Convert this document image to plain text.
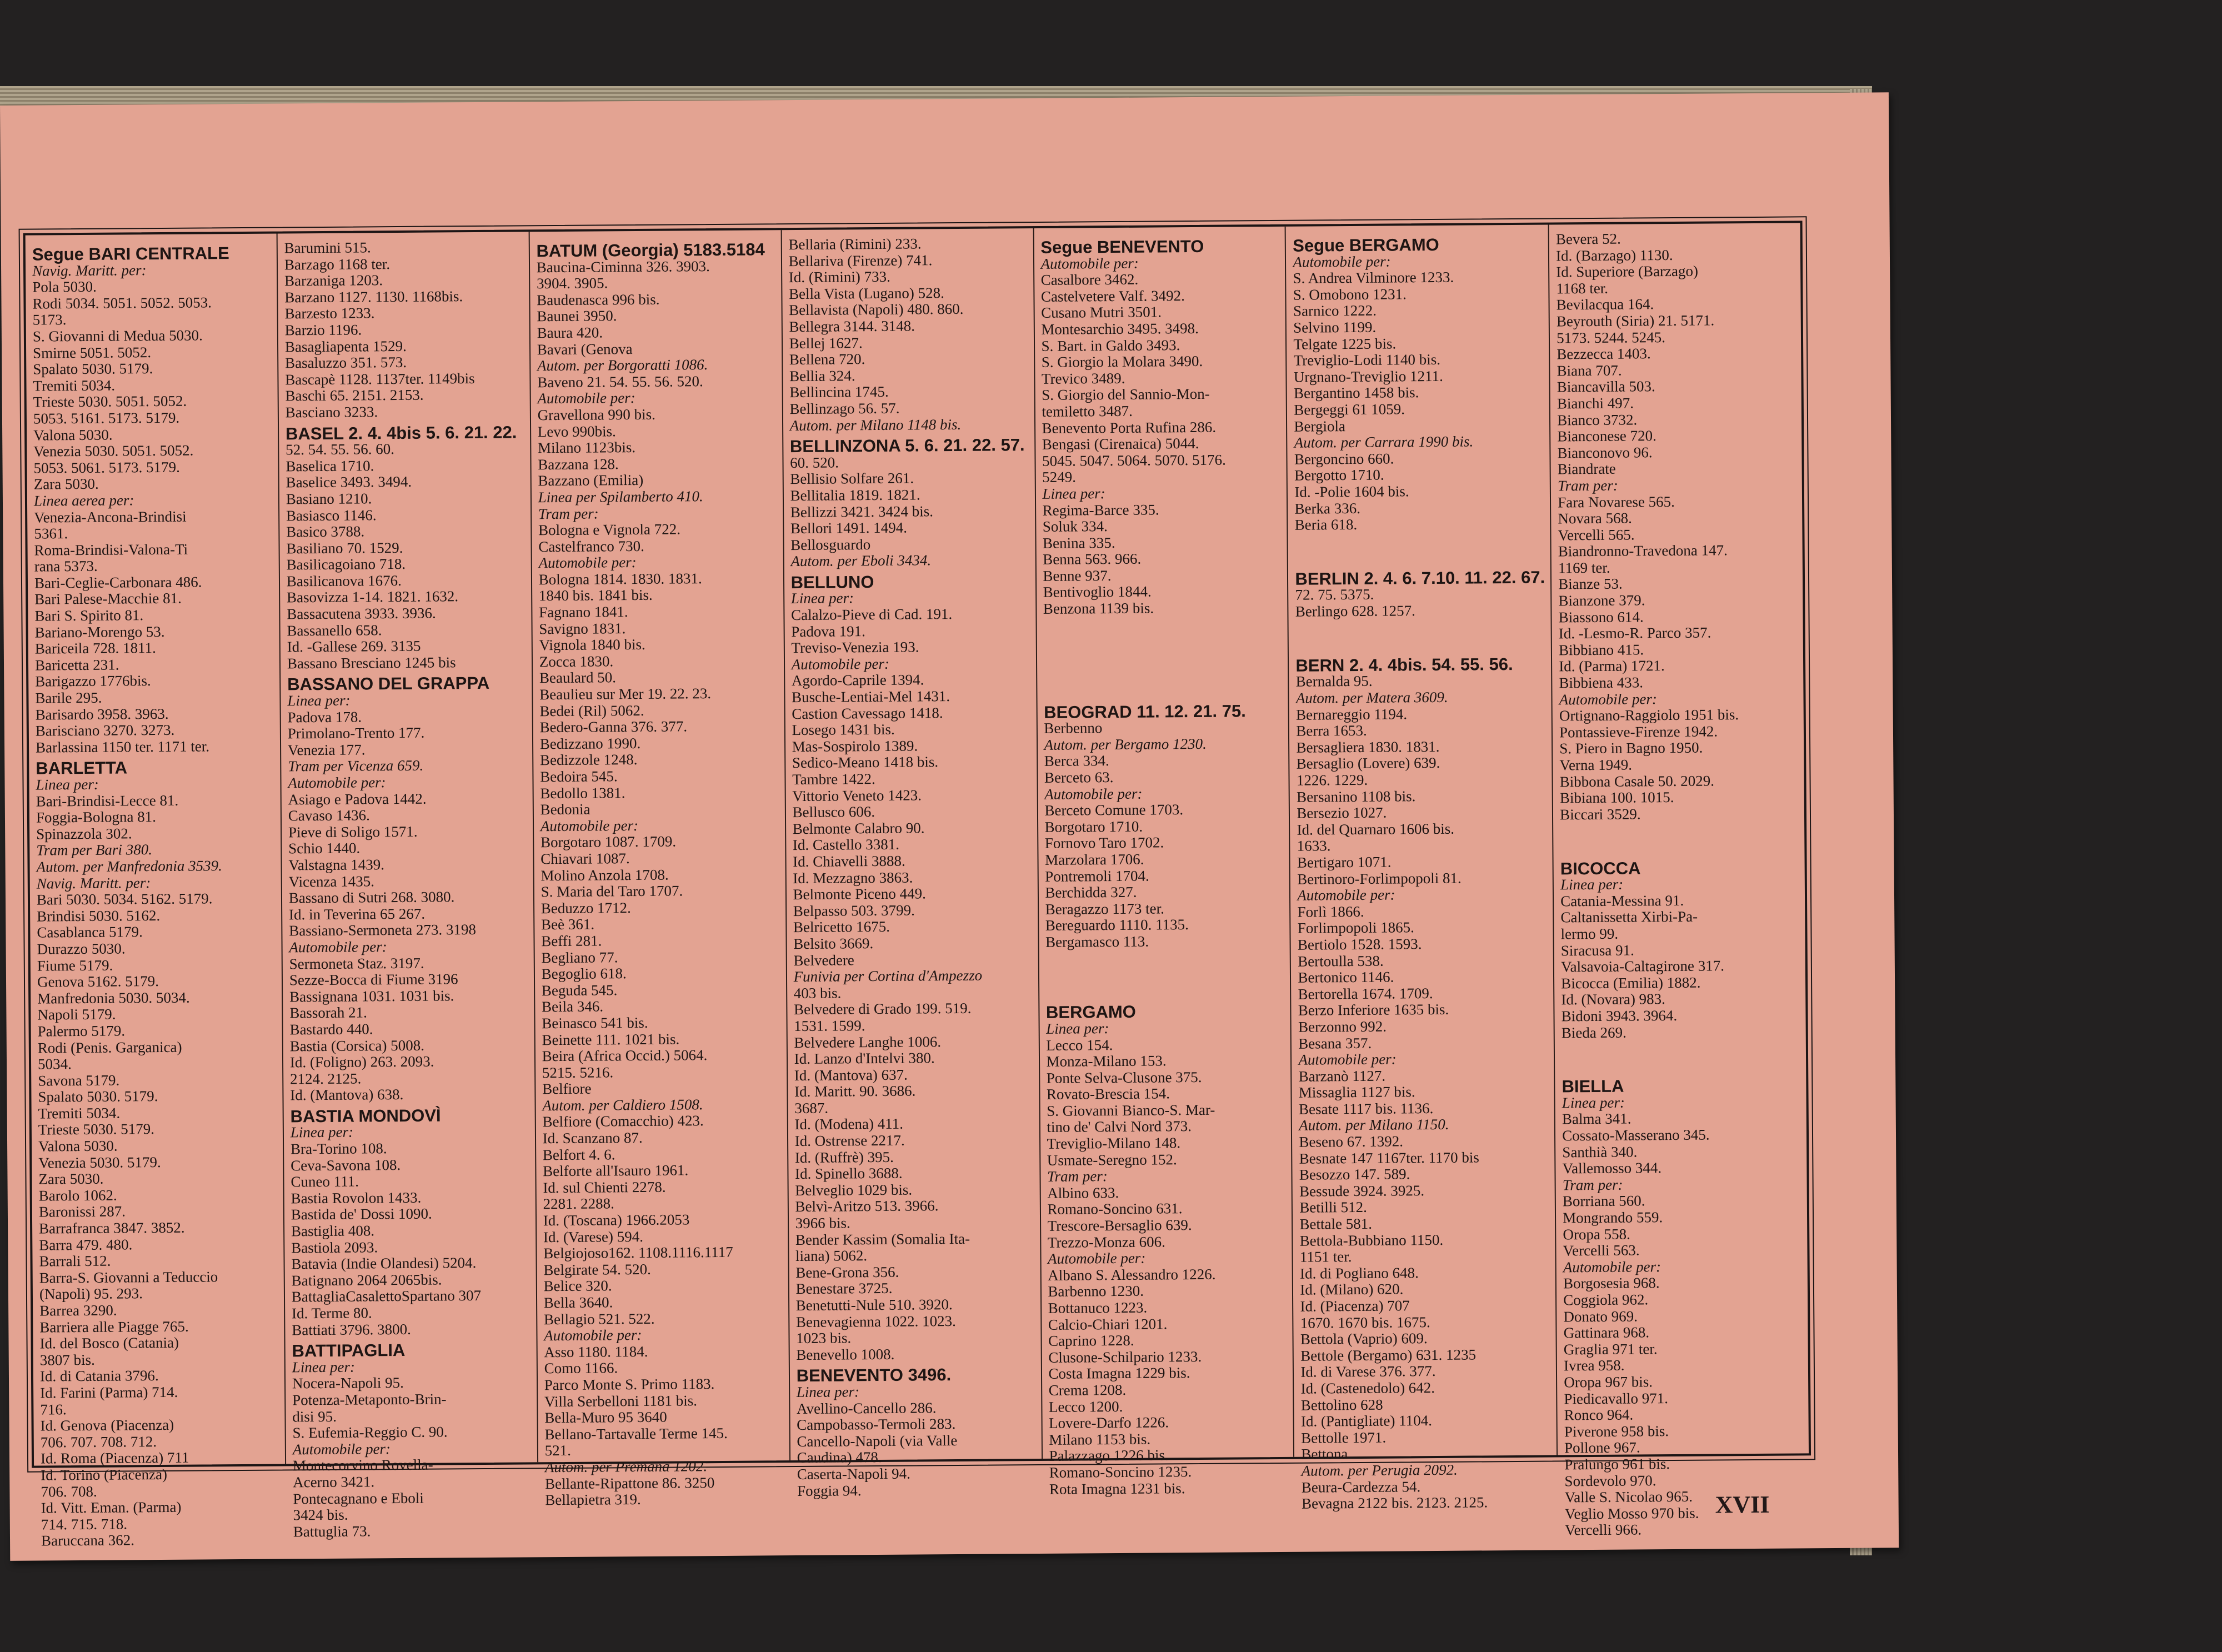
Segue BARI CENTRALE
Navig. Maritt. per:
Pola 5030.
Rodi 5034. 5051. 5052. 5053.
5173.
S. Giovanni di Medua 5030.
Smirne 5051. 5052.
Spalato 5030. 5179.
Tremiti 5034.
Trieste 5030. 5051. 5052.
5053. 5161. 5173. 5179.
Valona 5030.
Venezia 5030. 5051. 5052.
5053. 5061. 5173. 5179.
Zara 5030.
Linea aerea per:
Venezia-Ancona-Brindisi
5361.
Roma-Brindisi-Valona-Ti
rana 5373.
Bari-Ceglie-Carbonara 486.
Bari Palese-Macchie 81.
Bari S. Spirito 81.
Bariano-Morengo 53.
Bariceila 728. 1811.
Baricetta 231.
Barigazzo 1776bis.
Barile 295.
Barisardo 3958. 3963.
Barisciano 3270. 3273.
Barlassina 1150 ter. 1171 ter.
BARLETTA
Linea per:
Bari-Brindisi-Lecce 81.
Foggia-Bologna 81.
Spinazzola 302.
Tram per Bari 380.
Autom. per Manfredonia 3539.
Navig. Maritt. per:
Bari 5030. 5034. 5162. 5179.
Brindisi 5030. 5162.
Casablanca 5179.
Durazzo 5030.
Fiume 5179.
Genova 5162. 5179.
Manfredonia 5030. 5034.
Napoli 5179.
Palermo 5179.
Rodi (Penis. Garganica)
5034.
Savona 5179.
Spalato 5030. 5179.
Tremiti 5034.
Trieste 5030. 5179.
Valona 5030.
Venezia 5030. 5179.
Zara 5030.
Barolo 1062.
Baronissi 287.
Barrafranca 3847. 3852.
Barra 479. 480.
Barrali 512.
Barra-S. Giovanni a Teduccio
(Napoli) 95. 293.
Barrea 3290.
Barriera alle Piagge 765.
Id. del Bosco (Catania)
3807 bis.
Id. di Catania 3796.
Id. Farini (Parma) 714.
716.
Id. Genova (Piacenza)
706. 707. 708. 712.
Id. Roma (Piacenza) 711
Id. Torino (Piacenza)
706. 708.
Id. Vitt. Eman. (Parma)
714. 715. 718.
Baruccana 362.
Barumini 515.
Barzago 1168 ter.
Barzaniga 1203.
Barzano 1127. 1130. 1168bis.
Barzesto 1233.
Barzio 1196.
Basagliapenta 1529.
Basaluzzo 351. 573.
Bascapè 1128. 1137ter. 1149bis
Baschi 65. 2151. 2153.
Basciano 3233.
BASEL 2. 4. 4bis 5. 6. 21. 22.
52. 54. 55. 56. 60.
Baselica 1710.
Baselice 3493. 3494.
Basiano 1210.
Basiasco 1146.
Basico 3788.
Basiliano 70. 1529.
Basilicagoiano 718.
Basilicanova 1676.
Basovizza 1-14. 1821. 1632.
Bassacutena 3933. 3936.
Bassanello 658.
Id. -Gallese 269. 3135
Bassano Bresciano 1245 bis
BASSANO DEL GRAPPA
Linea per:
Padova 178.
Primolano-Trento 177.
Venezia 177.
Tram per Vicenza 659.
Automobile per:
Asiago e Padova 1442.
Cavaso 1436.
Pieve di Soligo 1571.
Schio 1440.
Valstagna 1439.
Vicenza 1435.
Bassano di Sutri 268. 3080.
Id. in Teverina 65 267.
Bassiano-Sermoneta 273. 3198
Automobile per:
Sermoneta Staz. 3197.
Sezze-Bocca di Fiume 3196
Bassignana 1031. 1031 bis.
Bassorah 21.
Bastardo 440.
Bastia (Corsica) 5008.
Id. (Foligno) 263. 2093.
2124. 2125.
Id. (Mantova) 638.
BASTIA MONDOVÌ
Linea per:
Bra-Torino 108.
Ceva-Savona 108.
Cuneo 111.
Bastia Rovolon 1433.
Bastida de' Dossi 1090.
Bastiglia 408.
Bastiola 2093.
Batavia (Indie Olandesi) 5204.
Batignano 2064 2065bis.
BattagliaCasalettoSpartano 307
Id. Terme 80.
Battiati 3796. 3800.
BATTIPAGLIA
Linea per:
Nocera-Napoli 95.
Potenza-Metaponto-Brin-
disi 95.
S. Eufemia-Reggio C. 90.
Automobile per:
Montecorvino Rovella-
Acerno 3421.
Pontecagnano e Eboli
3424 bis.
Battuglia 73.
BATUM (Georgia) 5183.5184
Baucina-Ciminna 326. 3903.
3904. 3905.
Baudenasca 996 bis.
Baunei 3950.
Baura 420.
Bavari (Genova
Autom. per Borgoratti 1086.
Baveno 21. 54. 55. 56. 520.
Automobile per:
Gravellona 990 bis.
Levo 990bis.
Milano 1123bis.
Bazzana 128.
Bazzano (Emilia)
Linea per Spilamberto 410.
Tram per:
Bologna e Vignola 722.
Castelfranco 730.
Automobile per:
Bologna 1814. 1830. 1831.
1840 bis. 1841 bis.
Fagnano 1841.
Savigno 1831.
Vignola 1840 bis.
Zocca 1830.
Beaulard 50.
Beaulieu sur Mer 19. 22. 23.
Bedei (Ril) 5062.
Bedero-Ganna 376. 377.
Bedizzano 1990.
Bedizzole 1248.
Bedoira 545.
Bedollo 1381.
Bedonia
Automobile per:
Borgotaro 1087. 1709.
Chiavari 1087.
Molino Anzola 1708.
S. Maria del Taro 1707.
Beduzzo 1712.
Beè 361.
Beffi 281.
Begliano 77.
Begoglio 618.
Beguda 545.
Beila 346.
Beinasco 541 bis.
Beinette 111. 1021 bis.
Beira (Africa Occid.) 5064.
5215. 5216.
Belfiore
Autom. per Caldiero 1508.
Belfiore (Comacchio) 423.
Id. Scanzano 87.
Belfort 4. 6.
Belforte all'Isauro 1961.
Id. sul Chienti 2278.
2281. 2288.
Id. (Toscana) 1966.2053
Id. (Varese) 594.
Belgiojoso162. 1108.1116.1117
Belgirate 54. 520.
Belice 320.
Bella 3640.
Bellagio 521. 522.
Automobile per:
Asso 1180. 1184.
Como 1166.
Parco Monte S. Primo 1183.
Villa Serbelloni 1181 bis.
Bella-Muro 95 3640
Bellano-Tartavalle Terme 145.
521.
Autom. per Premana 1202.
Bellante-Ripattone 86. 3250
Bellapietra 319.
Bellaria (Rimini) 233.
Bellariva (Firenze) 741.
Id. (Rimini) 733.
Bella Vista (Lugano) 528.
Bellavista (Napoli) 480. 860.
Bellegra 3144. 3148.
Bellej 1627.
Bellena 720.
Bellia 324.
Bellincina 1745.
Bellinzago 56. 57.
Autom. per Milano 1148 bis.
BELLINZONA 5. 6. 21. 22. 57.
60. 520.
Bellisio Solfare 261.
Bellitalia 1819. 1821.
Bellizzi 3421. 3424 bis.
Bellori 1491. 1494.
Bellosguardo
Autom. per Eboli 3434.
BELLUNO
Linea per:
Calalzo-Pieve di Cad. 191.
Padova 191.
Treviso-Venezia 193.
Automobile per:
Agordo-Caprile 1394.
Busche-Lentiai-Mel 1431.
Castion Cavessago 1418.
Losego 1431 bis.
Mas-Sospirolo 1389.
Sedico-Meano 1418 bis.
Tambre 1422.
Vittorio Veneto 1423.
Bellusco 606.
Belmonte Calabro 90.
Id. Castello 3381.
Id. Chiavelli 3888.
Id. Mezzagno 3863.
Belmonte Piceno 449.
Belpasso 503. 3799.
Belricetto 1675.
Belsito 3669.
Belvedere
Funivia per Cortina d'Ampezzo
403 bis.
Belvedere di Grado 199. 519.
1531. 1599.
Belvedere Langhe 1006.
Id. Lanzo d'Intelvi 380.
Id. (Mantova) 637.
Id. Maritt. 90. 3686.
3687.
Id. (Modena) 411.
Id. Ostrense 2217.
Id. (Ruffrè) 395.
Id. Spinello 3688.
Belveglio 1029 bis.
Belvì-Aritzo 513. 3966.
3966 bis.
Bender Kassim (Somalia Ita-
liana) 5062.
Bene-Grona 356.
Benestare 3725.
Benetutti-Nule 510. 3920.
Benevagienna 1022. 1023.
1023 bis.
Benevello 1008.
BENEVENTO 3496.
Linea per:
Avellino-Cancello 286.
Campobasso-Termoli 283.
Cancello-Napoli (via Valle
Caudina) 478.
Caserta-Napoli 94.
Foggia 94.
Segue BENEVENTO
Automobile per:
Casalbore 3462.
Castelvetere Valf. 3492.
Cusano Mutri 3501.
Montesarchio 3495. 3498.
S. Bart. in Galdo 3493.
S. Giorgio la Molara 3490.
Trevico 3489.
S. Giorgio del Sannio-Mon-
temiletto 3487.
Benevento Porta Rufina 286.
Bengasi (Cirenaica) 5044.
5045. 5047. 5064. 5070. 5176.
5249.
Linea per:
Regima-Barce 335.
Soluk 334.
Benina 335.
Benna 563. 966.
Benne 937.
Bentivoglio 1844.
Benzona 1139 bis.

BEOGRAD 11. 12. 21. 75.
Berbenno
Autom. per Bergamo 1230.
Berca 334.
Berceto 63.
Automobile per:
Berceto Comune 1703.
Borgotaro 1710.
Fornovo Taro 1702.
Marzolara 1706.
Pontremoli 1704.
Berchidda 327.
Beragazzo 1173 ter.
Bereguardo 1110. 1135.
Bergamasco 113.

BERGAMO
Linea per:
Lecco 154.
Monza-Milano 153.
Ponte Selva-Clusone 375.
Rovato-Brescia 154.
S. Giovanni Bianco-S. Mar-
tino de' Calvi Nord 373.
Treviglio-Milano 148.
Usmate-Seregno 152.
Tram per:
Albino 633.
Romano-Soncino 631.
Trescore-Bersaglio 639.
Trezzo-Monza 606.
Automobile per:
Albano S. Alessandro 1226.
Barbenno 1230.
Bottanuco 1223.
Calcio-Chiari 1201.
Caprino 1228.
Clusone-Schilpario 1233.
Costa Imagna 1229 bis.
Crema 1208.
Lecco 1200.
Lovere-Darfo 1226.
Milano 1153 bis.
Palazzago 1226 bis.
Romano-Soncino 1235.
Rota Imagna 1231 bis.
Segue BERGAMO
Automobile per:
S. Andrea Vilminore 1233.
S. Omobono 1231.
Sarnico 1222.
Selvino 1199.
Telgate 1225 bis.
Treviglio-Lodi 1140 bis.
Urgnano-Treviglio 1211.
Bergantino 1458 bis.
Bergeggi 61 1059.
Bergiola
Autom. per Carrara 1990 bis.
Bergoncino 660.
Bergotto 1710.
Id. -Polie 1604 bis.
Berka 336.
Beria 618.

BERLIN 2. 4. 6. 7.10. 11. 22. 67.
72. 75. 5375.
Berlingo 628. 1257.

BERN 2. 4. 4bis. 54. 55. 56.
Bernalda 95.
Autom. per Matera 3609.
Bernareggio 1194.
Berra 1653.
Bersagliera 1830. 1831.
Bersaglio (Lovere) 639.
1226. 1229.
Bersanino 1108 bis.
Bersezio 1027.
Id. del Quarnaro 1606 bis.
1633.
Bertigaro 1071.
Bertinoro-Forlimpopoli 81.
Automobile per:
Forlì 1866.
Forlimpopoli 1865.
Bertiolo 1528. 1593.
Bertoulla 538.
Bertonico 1146.
Bertorella 1674. 1709.
Berzo Inferiore 1635 bis.
Berzonno 992.
Besana 357.
Automobile per:
Barzanò 1127.
Missaglia 1127 bis.
Besate 1117 bis. 1136.
Autom. per Milano 1150.
Beseno 67. 1392.
Besnate 147 1167ter. 1170 bis
Besozzo 147. 589.
Bessude 3924. 3925.
Betilli 512.
Bettale 581.
Bettola-Bubbiano 1150.
1151 ter.
Id. di Pogliano 648.
Id. (Milano) 620.
Id. (Piacenza) 707
1670. 1670 bis. 1675.
Bettola (Vaprio) 609.
Bettole (Bergamo) 631. 1235
Id. di Varese 376. 377.
Id. (Castenedolo) 642.
Bettolino 628
Id. (Pantigliate) 1104.
Bettolle 1971.
Bettona
Autom. per Perugia 2092.
Beura-Cardezza 54.
Bevagna 2122 bis. 2123. 2125.
Bevera 52.
Id. (Barzago) 1130.
Id. Superiore (Barzago)
1168 ter.
Bevilacqua 164.
Beyrouth (Siria) 21. 5171.
5173. 5244. 5245.
Bezzecca 1403.
Biana 707.
Biancavilla 503.
Bianchi 497.
Bianco 3732.
Bianconese 720.
Bianconovo 96.
Biandrate
Tram per:
Fara Novarese 565.
Novara 568.
Vercelli 565.
Biandronno-Travedona 147.
1169 ter.
Bianze 53.
Bianzone 379.
Biassono 614.
Id. -Lesmo-R. Parco 357.
Bibbiano 415.
Id. (Parma) 1721.
Bibbiena 433.
Automobile per:
Ortignano-Raggiolo 1951 bis.
Pontassieve-Firenze 1942.
S. Piero in Bagno 1950.
Verna 1949.
Bibbona Casale 50. 2029.
Bibiana 100. 1015.
Biccari 3529.

BICOCCA
Linea per:
Catania-Messina 91.
Caltanissetta Xirbi-Pa-
lermo 99.
Siracusa 91.
Valsavoia-Caltagirone 317.
Bicocca (Emilia) 1882.
Id. (Novara) 983.
Bidoni 3943. 3964.
Bieda 269.

BIELLA
Linea per:
Balma 341.
Cossato-Masserano 345.
Santhià 340.
Vallemosso 344.
Tram per:
Borriana 560.
Mongrando 559.
Oropa 558.
Vercelli 563.
Automobile per:
Borgosesia 968.
Coggiola 962.
Donato 969.
Gattinara 968.
Graglia 971 ter.
Ivrea 958.
Oropa 967 bis.
Piedicavallo 971.
Ronco 964.
Piverone 958 bis.
Pollone 967.
Pralungo 961 bis.
Sordevolo 970.
Valle S. Nicolao 965.
Veglio Mosso 970 bis.
Vercelli 966.
XVII
